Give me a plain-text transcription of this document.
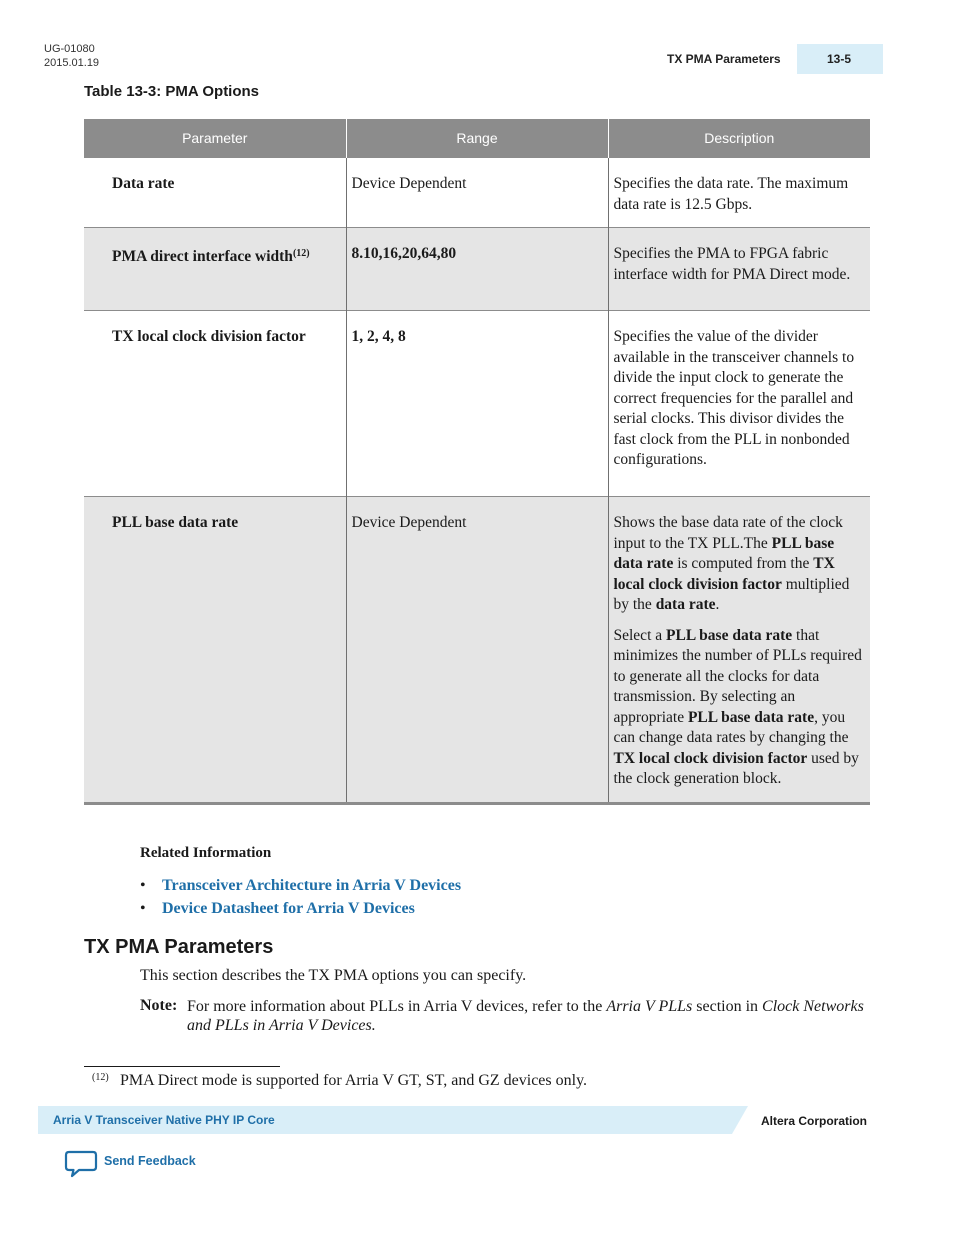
UG-01080
2015.01.19	TX PMA Parameters	13-5
Table 13-3: PMA Options
Parameter	Range	Description
Data rate	Device Dependent	Specifies the data rate. The maximum data rate is 12.5 Gbps.
PMA direct interface width$^{(12)}$	8.10,16,20,64,80	Specifies the PMA to FPGA fabric interface width for PMA Direct mode.
TX local clock division factor	1, 2, 4, 8	Specifies the value of the divider available in the transceiver channels to divide the input clock to generate the correct frequencies for the parallel and serial clocks. This divisor divides the fast clock from the PLL in nonbonded configurations.
PLL base data rate	Device Dependent	Shows the base data rate of the clock input to the TX PLL.The PLL base data rate is computed from the TX local clock division factor multiplied by the data rate.

Select a PLL base data rate that minimizes the number of PLLs required to generate all the clocks for data transmission. By selecting an appropriate PLL base data rate, you can change data rates by changing the TX local clock division factor used by the clock generation block.

Related Information
• Transceiver Architecture in Arria V Devices
• Device Datasheet for Arria V Devices
TX PMA Parameters
This section describes the TX PMA options you can specify.
Note: For more information about PLLs in Arria V devices, refer to the Arria V PLLs section in Clock Networks and PLLs in Arria V Devices.
(12) PMA Direct mode is supported for Arria V GT, ST, and GZ devices only.
Arria V Transceiver Native PHY IP Core	Altera Corporation
Send Feedback
